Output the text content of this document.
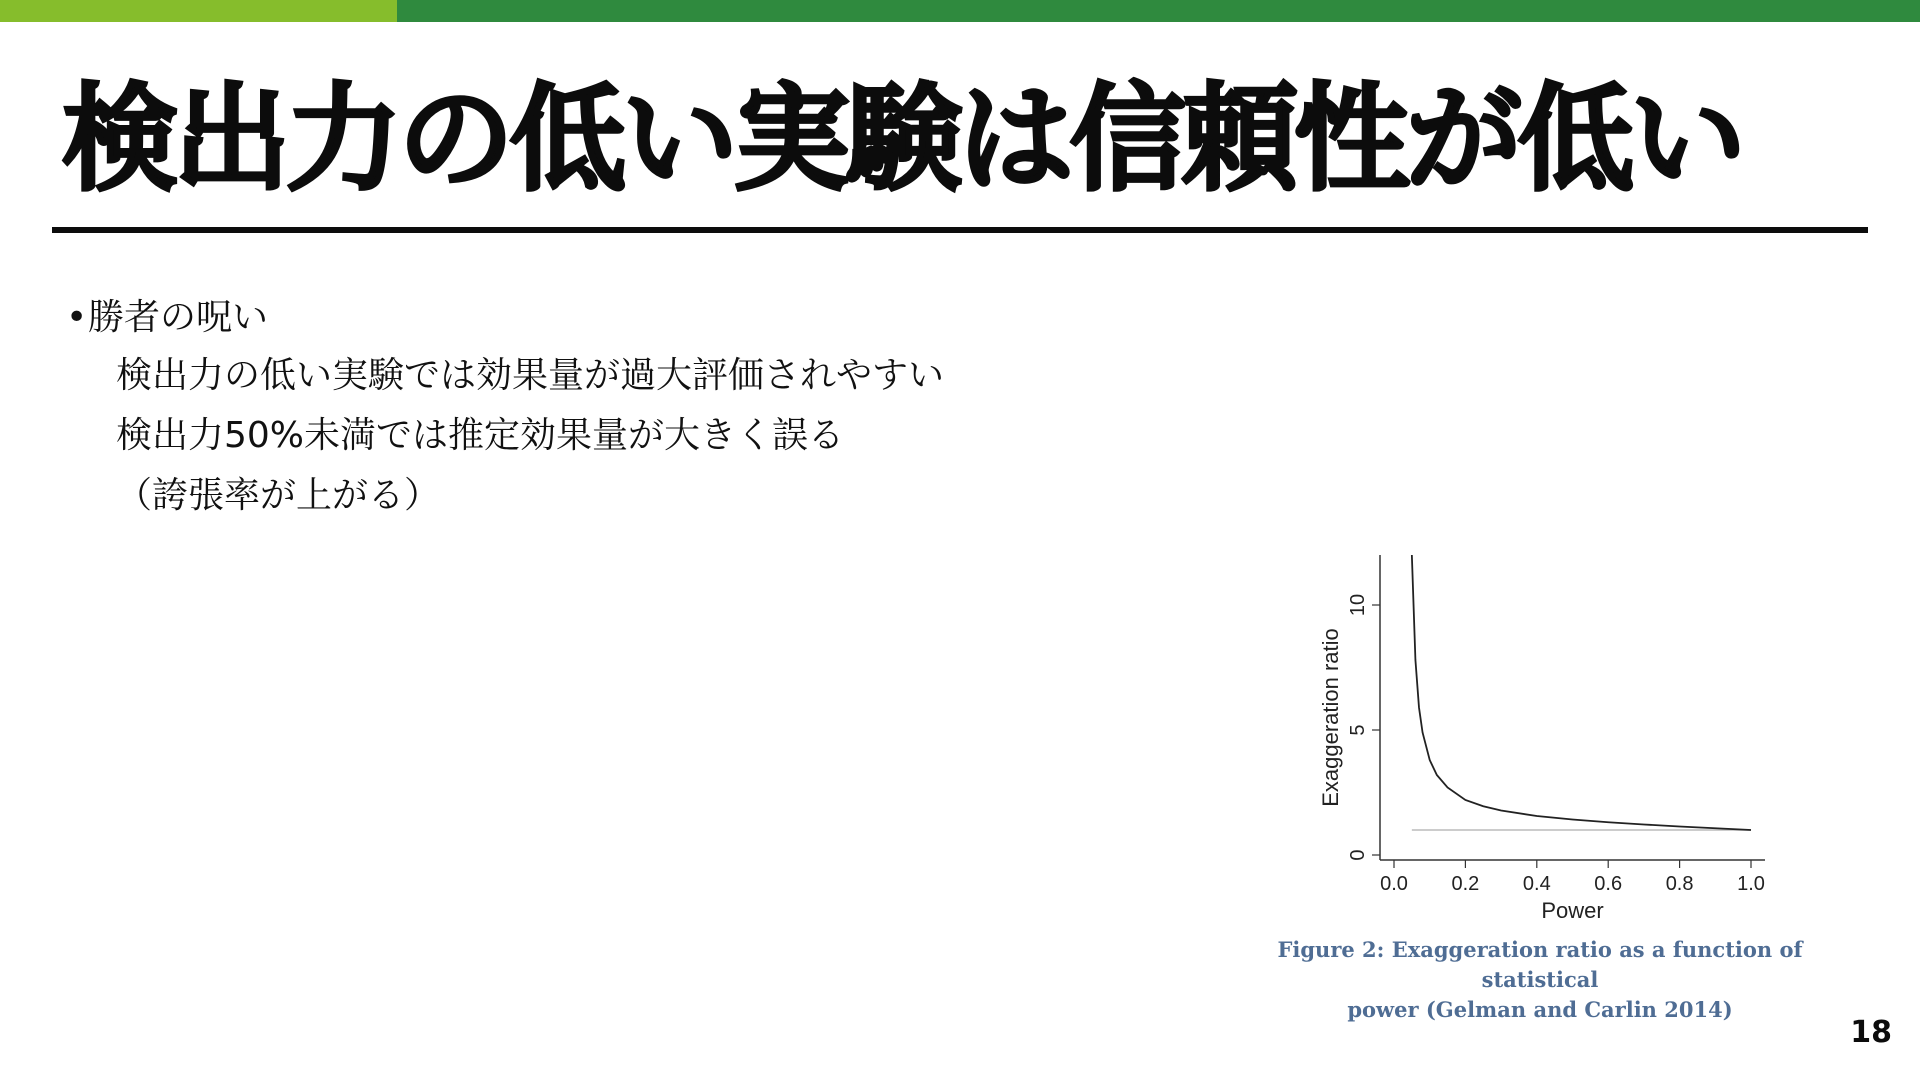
検出力の低い実験は信頼性が低い

•勝者の呪い

検出力の低い実験では効果量が過大評価されやすい

検出力50%未満では推定効果量が大きく誤る

（誇張率が上がる）

0.0 0.2 0.4 0.6 0.8 1.0
0
5
10
Power
Exaggeration ratio
Figure 2: Exaggeration ratio as a function of statistical
power (Gelman and Carlin 2014)
18
